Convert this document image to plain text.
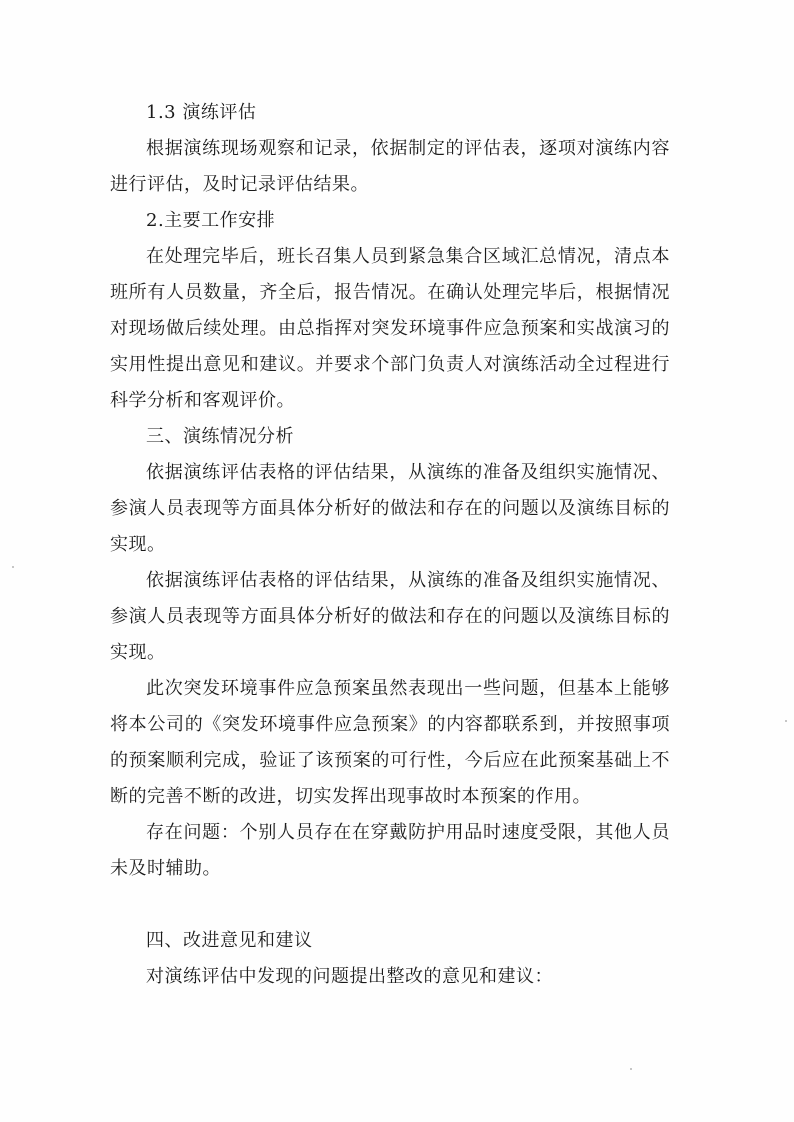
1.3 演练评估

根据演练现场观察和记录，依据制定的评估表，逐项对演练内容进行评估，及时记录评估结果。

2.主要工作安排

在处理完毕后，班长召集人员到紧急集合区域汇总情况，清点本班所有人员数量，齐全后，报告情况。在确认处理完毕后，根据情况对现场做后续处理。由总指挥对突发环境事件应急预案和实战演习的实用性提出意见和建议。并要求个部门负责人对演练活动全过程进行科学分析和客观评价。

三、演练情况分析

依据演练评估表格的评估结果，从演练的准备及组织实施情况、参演人员表现等方面具体分析好的做法和存在的问题以及演练目标的实现。

依据演练评估表格的评估结果，从演练的准备及组织实施情况、参演人员表现等方面具体分析好的做法和存在的问题以及演练目标的实现。

此次突发环境事件应急预案虽然表现出一些问题，但基本上能够将本公司的《突发环境事件应急预案》的内容都联系到，并按照事项的预案顺利完成，验证了该预案的可行性，今后应在此预案基础上不断的完善不断的改进，切实发挥出现事故时本预案的作用。

存在问题：个别人员存在在穿戴防护用品时速度受限，其他人员未及时辅助。

四、改进意见和建议

对演练评估中发现的问题提出整改的意见和建议：
